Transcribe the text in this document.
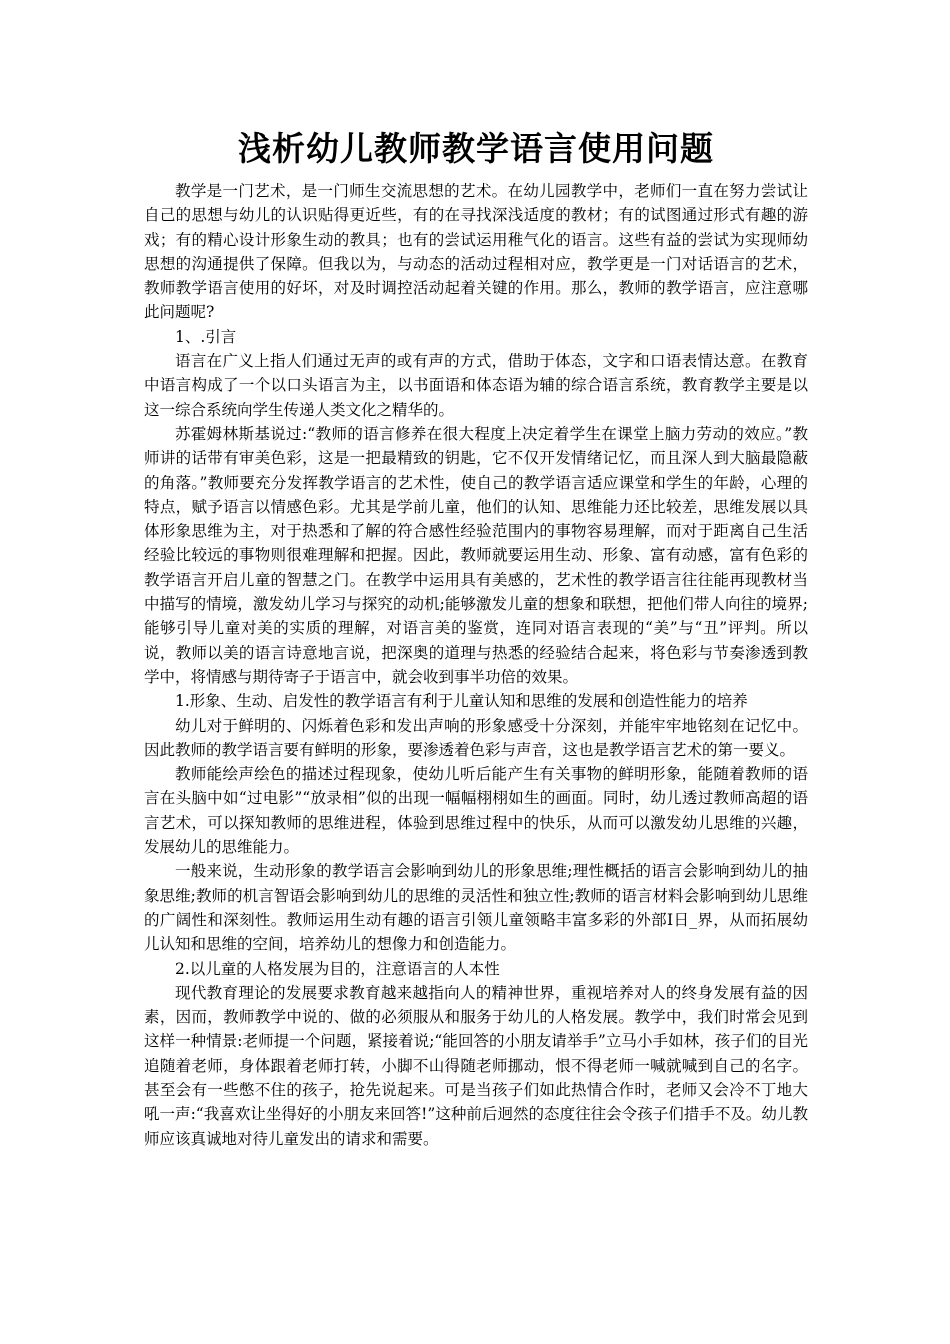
浅析幼儿教师教学语言使用问题

教学是一门艺术，是一门师生交流思想的艺术。在幼儿园教学中，老师们一直在努力尝试让自己的思想与幼儿的认识贴得更近些，有的在寻找深浅适度的教材；有的试图通过形式有趣的游戏；有的精心设计形象生动的教具；也有的尝试运用稚气化的语言。这些有益的尝试为实现师幼思想的沟通提供了保障。但我以为，与动态的活动过程相对应，教学更是一门对话语言的艺术，教师教学语言使用的好坏，对及时调控活动起着关键的作用。那么，教师的教学语言，应注意哪此问题呢?

1、.引言

语言在广义上指人们通过无声的或有声的方式，借助于体态，文字和口语表情达意。在教育中语言构成了一个以口头语言为主，以书面语和体态语为辅的综合语言系统，教育教学主要是以这一综合系统向学生传递人类文化之精华的。

苏霍姆林斯基说过:“教师的语言修养在很大程度上决定着学生在课堂上脑力劳动的效应。”教师讲的话带有审美色彩，这是一把最精致的钥匙，它不仅开发情绪记忆，而且深人到大脑最隐蔽的角落。”教师要充分发挥教学语言的艺术性，使自己的教学语言适应课堂和学生的年龄，心理的特点，赋予语言以情感色彩。尤其是学前儿童，他们的认知、思维能力还比较差，思维发展以具体形象思维为主，对于热悉和了解的符合感性经验范围内的事物容易理解，而对于距离自己生活经验比较远的事物则很难理解和把握。因此，教师就要运用生动、形象、富有动感，富有色彩的教学语言开启儿童的智慧之门。在教学中运用具有美感的，艺术性的教学语言往往能再现教材当中描写的情境，激发幼儿学习与探究的动机;能够激发儿童的想象和联想，把他们带人向往的境界;能够引导儿童对美的实质的理解，对语言美的鉴赏，连同对语言表现的“美”与“丑”评判。所以说，教师以美的语言诗意地言说，把深奥的道理与热悉的经验结合起来，将色彩与节奏渗透到教学中，将情感与期待寄子于语言中，就会收到事半功倍的效果。

1.形象、生动、启发性的教学语言有利于儿童认知和思维的发展和创造性能力的培养

幼儿对于鲜明的、闪烁着色彩和发出声响的形象感受十分深刻，并能牢牢地铭刻在记忆中。因此教师的教学语言要有鲜明的形象，要渗透着色彩与声音，这也是教学语言艺术的第一要义。

教师能绘声绘色的描述过程现象，使幼儿听后能产生有关事物的鲜明形象，能随着教师的语言在头脑中如“过电影”“放录相”似的出现一幅幅栩栩如生的画面。同时，幼儿透过教师高超的语言艺术，可以探知教师的思维进程，体验到思维过程中的快乐，从而可以激发幼儿思维的兴趣，发展幼儿的思维能力。

一般来说，生动形象的教学语言会影响到幼儿的形象思维;理性概括的语言会影响到幼儿的抽象思维;教师的机言智语会影响到幼儿的思维的灵活性和独立性;教师的语言材料会影响到幼儿思维的广阔性和深刻性。教师运用生动有趣的语言引领儿童领略丰富多彩的外部I日_界，从而拓展幼儿认知和思维的空间，培养幼儿的想像力和创造能力。

2.以儿童的人格发展为目的，注意语言的人本性

现代教育理论的发展要求教育越来越指向人的精神世界，重视培养对人的终身发展有益的因素，因而，教师教学中说的、做的必须服从和服务于幼儿的人格发展。教学中，我们时常会见到这样一种情景:老师提一个问题，紧接着说;“能回答的小朋友请举手”立马小手如林，孩子们的目光追随着老师，身体跟着老师打转，小脚不山得随老师挪动，恨不得老师一喊就喊到自己的名字。甚至会有一些憋不住的孩子，抢先说起来。可是当孩子们如此热情合作时，老师又会冷不丁地大吼一声:“我喜欢让坐得好的小朋友来回答!”这种前后迥然的态度往往会令孩子们措手不及。幼儿教师应该真诚地对待儿童发出的请求和需要。
